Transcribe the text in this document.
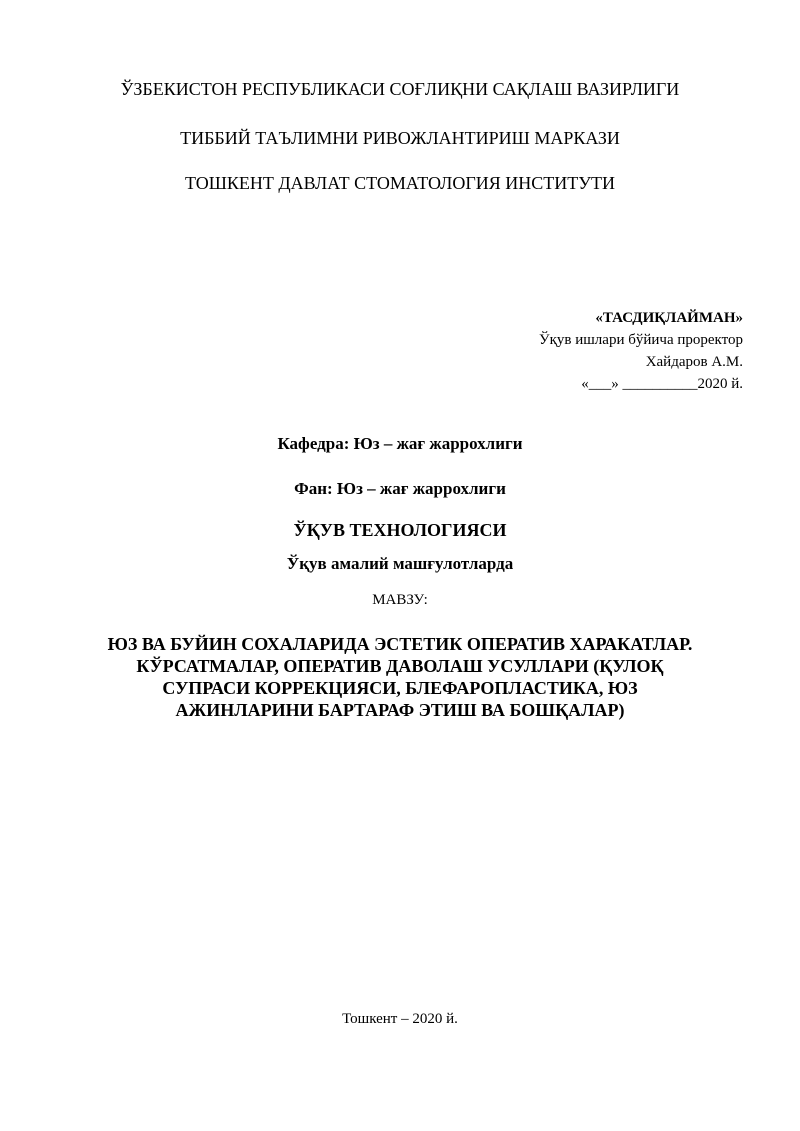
ЎЗБЕКИСТОН РЕСПУБЛИКАСИ СОҒЛИҚНИ САҚЛАШ ВАЗИРЛИГИ
ТИББИЙ ТАЪЛИМНИ РИВОЖЛАНТИРИШ МАРКАЗИ
ТОШКЕНТ ДАВЛАТ СТОМАТОЛОГИЯ ИНСТИТУТИ
«ТАСДИҚЛАЙМАН»
Ўқув ишлари бўйича проректор
Хайдаров А.М.
«___» __________2020 й.
Кафедра: Юз – жағ жаррохлиги
Фан: Юз – жағ жаррохлиги
ЎҚУВ ТЕХНОЛОГИЯСИ
Ўқув амалий машғулотларда
МАВЗУ:
ЮЗ ВА БУЙИН СОХАЛАРИДА ЭСТЕТИК ОПЕРАТИВ ХАРАКАТЛАР.
КЎРСАТМАЛАР, ОПЕРАТИВ ДАВОЛАШ УСУЛЛАРИ (ҚУЛОҚ
СУПРАСИ КОРРЕКЦИЯСИ, БЛЕФАРОПЛАСТИКА, ЮЗ
АЖИНЛАРИНИ БАРТАРАФ ЭТИШ ВА БОШҚАЛАР)
Тошкент – 2020 й.
